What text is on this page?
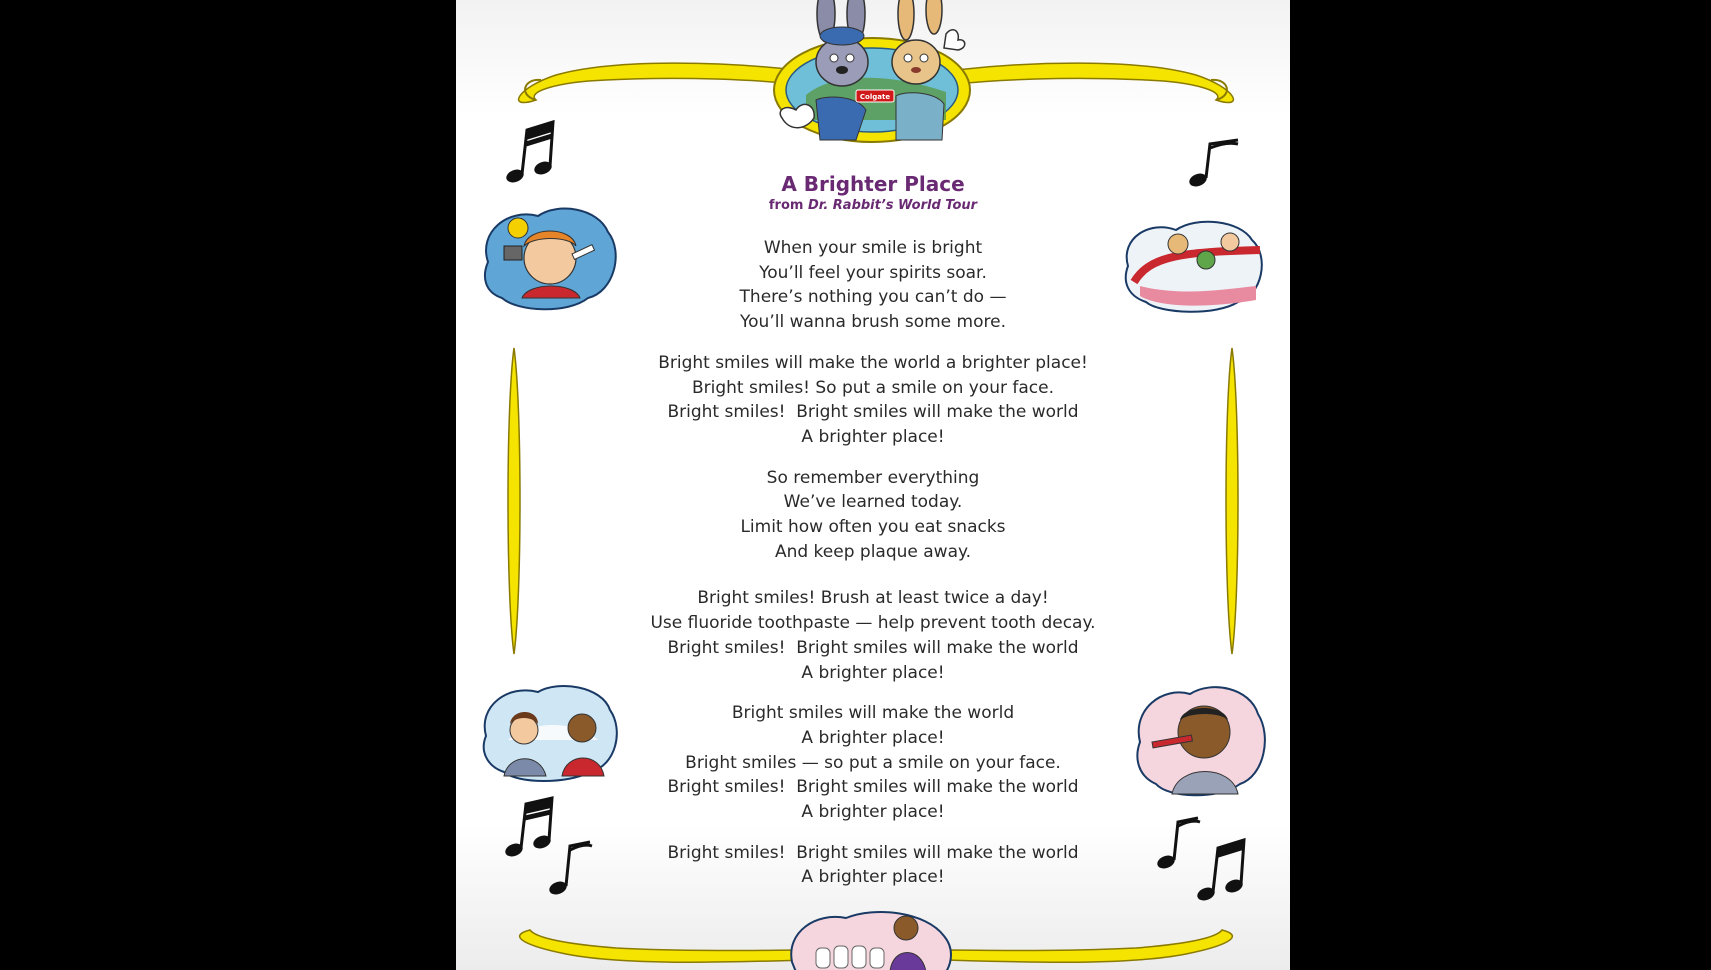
Colgate
A Brighter Place
from Dr. Rabbit’s World Tour
When your smile is bright
You’ll feel your spirits soar.
There’s nothing you can’t do —
You’ll wanna brush some more.
Bright smiles will make the world a brighter place!
Bright smiles! So put a smile on your face.
Bright smiles!  Bright smiles will make the world
A brighter place!
So remember everything
We’ve learned today.
Limit how often you eat snacks
And keep plaque away.
Bright smiles! Brush at least twice a day!
Use fluoride toothpaste — help prevent tooth decay.
Bright smiles!  Bright smiles will make the world
A brighter place!
Bright smiles will make the world
A brighter place!
Bright smiles — so put a smile on your face.
Bright smiles!  Bright smiles will make the world
A brighter place!
Bright smiles!  Bright smiles will make the world
A brighter place!
